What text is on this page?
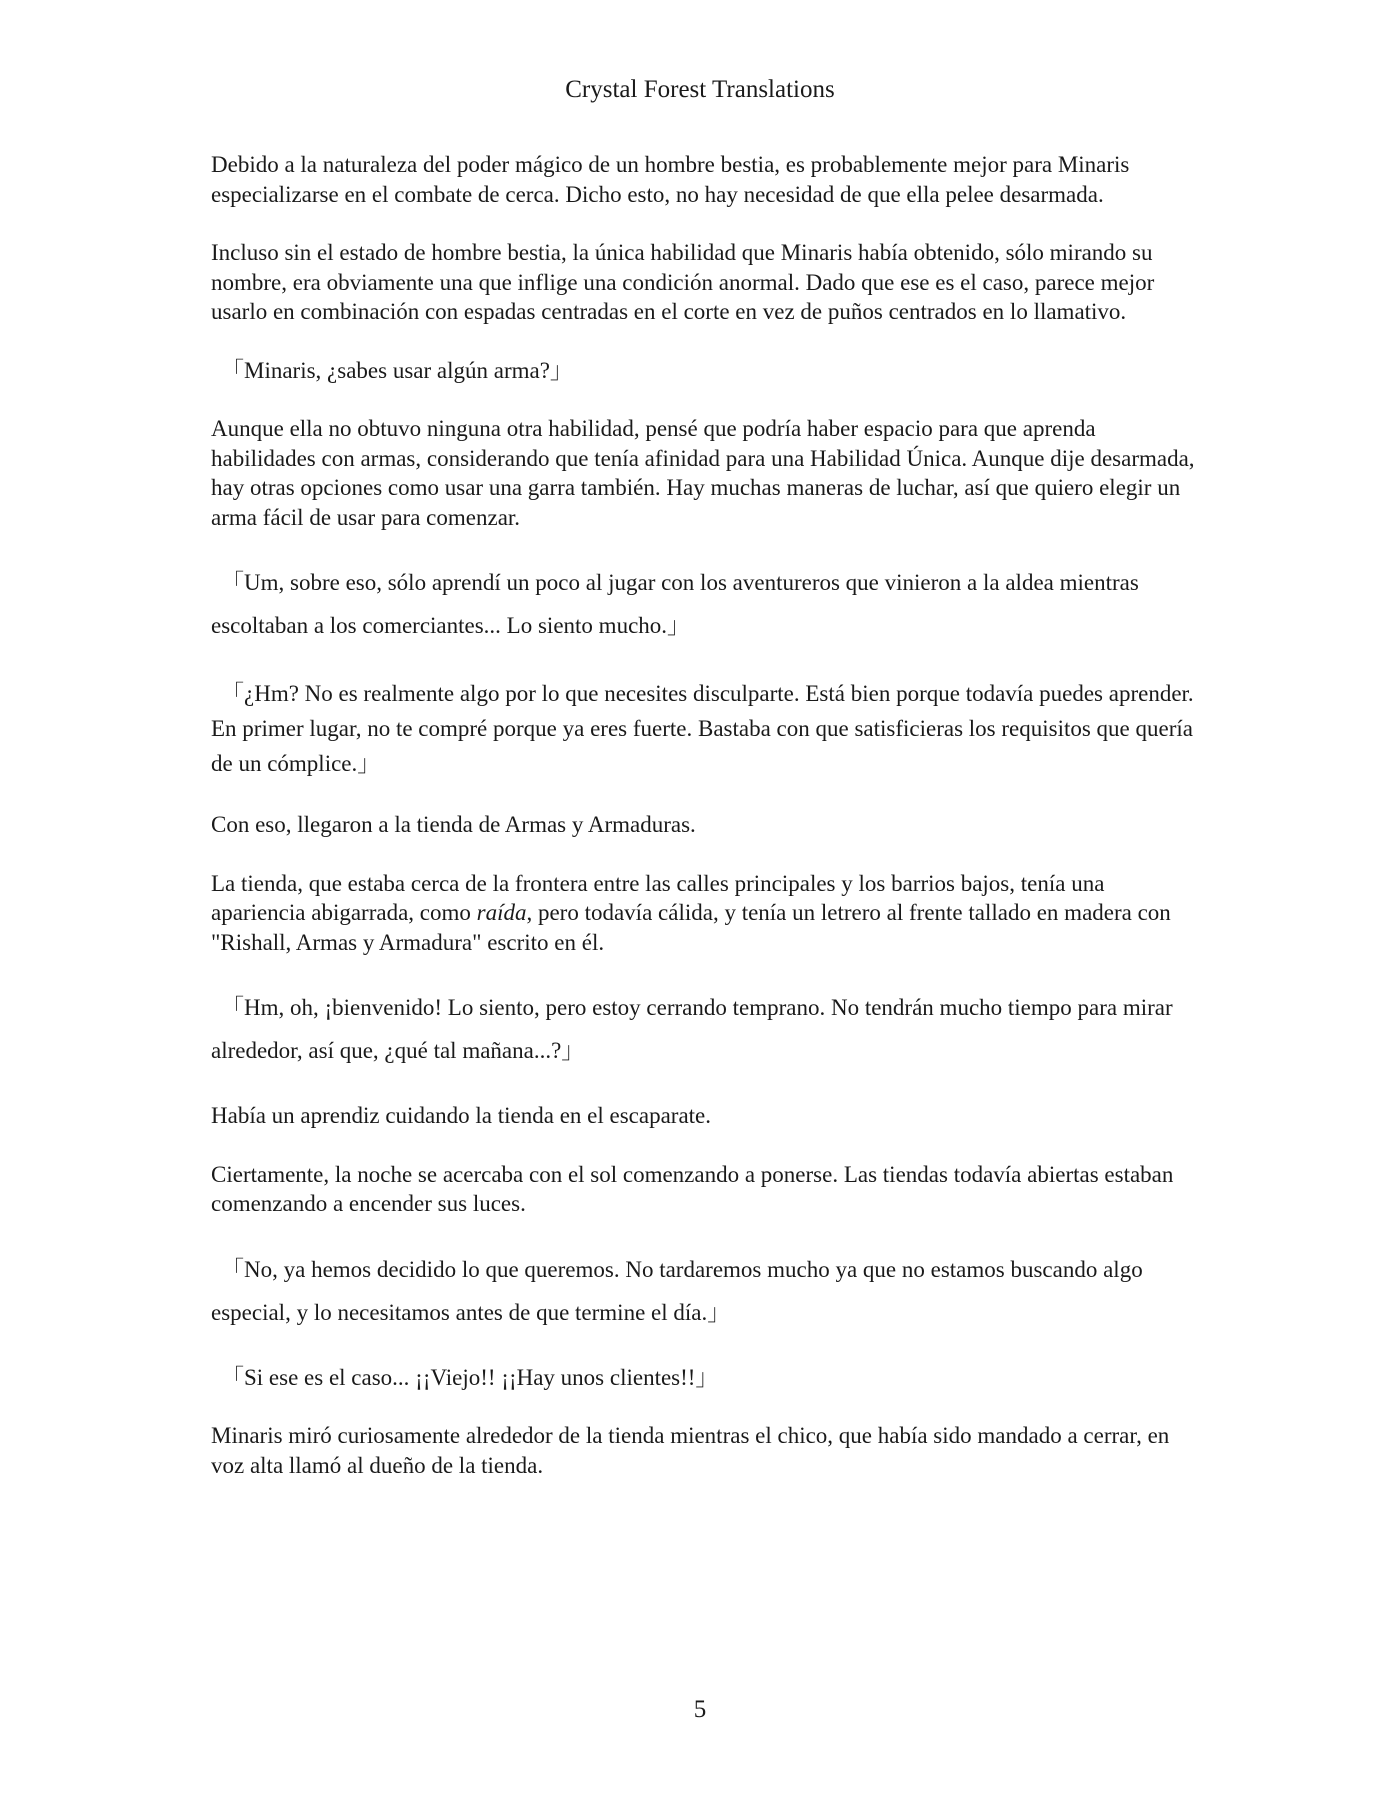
Crystal Forest Translations

Debido a la naturaleza del poder mágico de un hombre bestia, es probablemente mejor para Minaris especializarse en el combate de cerca. Dicho esto, no hay necesidad de que ella pelee desarmada.

Incluso sin el estado de hombre bestia, la única habilidad que Minaris había obtenido, sólo mirando su nombre, era obviamente una que inflige una condición anormal. Dado que ese es el caso, parece mejor usarlo en combinación con espadas centradas en el corte en vez de puños centrados en lo llamativo.

「Minaris, ¿sabes usar algún arma?」

Aunque ella no obtuvo ninguna otra habilidad, pensé que podría haber espacio para que aprenda habilidades con armas, considerando que tenía afinidad para una Habilidad Única. Aunque dije desarmada, hay otras opciones como usar una garra también. Hay muchas maneras de luchar, así que quiero elegir un arma fácil de usar para comenzar.

「Um, sobre eso, sólo aprendí un poco al jugar con los aventureros que vinieron a la aldea mientras escoltaban a los comerciantes... Lo siento mucho.」

「¿Hm? No es realmente algo por lo que necesites disculparte. Está bien porque todavía puedes aprender. En primer lugar, no te compré porque ya eres fuerte. Bastaba con que satisficieras los requisitos que quería de un cómplice.」

Con eso, llegaron a la tienda de Armas y Armaduras.

La tienda, que estaba cerca de la frontera entre las calles principales y los barrios bajos, tenía una apariencia abigarrada, como raída, pero todavía cálida, y tenía un letrero al frente tallado en madera con "Rishall, Armas y Armadura" escrito en él.

「Hm, oh, ¡bienvenido! Lo siento, pero estoy cerrando temprano. No tendrán mucho tiempo para mirar alrededor, así que, ¿qué tal mañana...?」

Había un aprendiz cuidando la tienda en el escaparate.

Ciertamente, la noche se acercaba con el sol comenzando a ponerse. Las tiendas todavía abiertas estaban comenzando a encender sus luces.

「No, ya hemos decidido lo que queremos. No tardaremos mucho ya que no estamos buscando algo especial, y lo necesitamos antes de que termine el día.」

「Si ese es el caso... ¡¡Viejo!! ¡¡Hay unos clientes!!」

Minaris miró curiosamente alrededor de la tienda mientras el chico, que había sido mandado a cerrar, en voz alta llamó al dueño de la tienda.

5
